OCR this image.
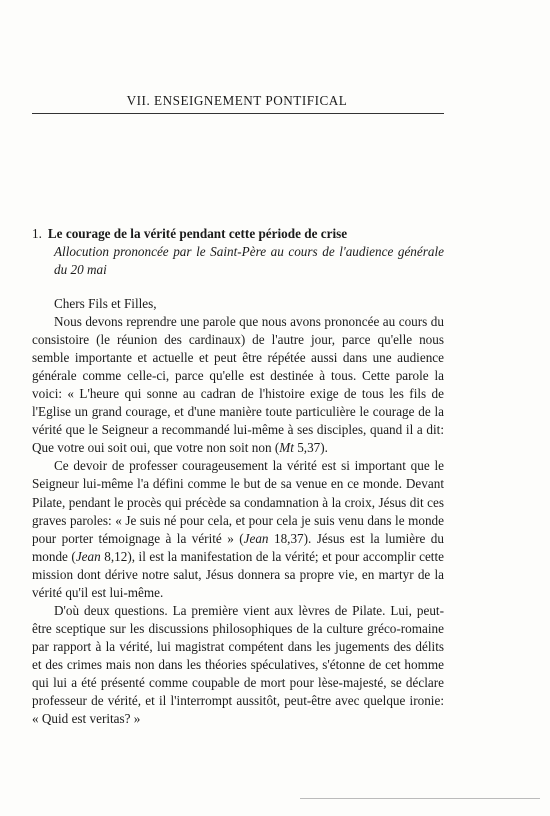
VII. ENSEIGNEMENT PONTIFICAL
1. Le courage de la vérité pendant cette période de crise
Allocution prononcée par le Saint-Père au cours de l'audience générale du 20 mai

Chers Fils et Filles,

Nous devons reprendre une parole que nous avons prononcée au cours du consistoire (le réunion des cardinaux) de l'autre jour, parce qu'elle nous semble importante et actuelle et peut être répétée aussi dans une audience générale comme celle-ci, parce qu'elle est destinée à tous. Cette parole la voici: « L'heure qui sonne au cadran de l'histoire exige de tous les fils de l'Eglise un grand courage, et d'une manière toute particulière le courage de la vérité que le Seigneur a recommandé lui-même à ses disciples, quand il a dit: Que votre oui soit oui, que votre non soit non (Mt 5,37).

Ce devoir de professer courageusement la vérité est si important que le Seigneur lui-même l'a défini comme le but de sa venue en ce monde. Devant Pilate, pendant le procès qui précède sa condamnation à la croix, Jésus dit ces graves paroles: « Je suis né pour cela, et pour cela je suis venu dans le monde pour porter témoignage à la vérité » (Jean 18,37). Jésus est la lumière du monde (Jean 8,12), il est la manifestation de la vérité; et pour accomplir cette mission dont dérive notre salut, Jésus donnera sa propre vie, en martyr de la vérité qu'il est lui-même.

D'où deux questions. La première vient aux lèvres de Pilate. Lui, peut-être sceptique sur les discussions philosophiques de la culture gréco-romaine par rapport à la vérité, lui magistrat compétent dans les jugements des délits et des crimes mais non dans les théories spéculatives, s'étonne de cet homme qui lui a été présenté comme coupable de mort pour lèse-majesté, se déclare professeur de vérité, et il l'interrompt aussitôt, peut-être avec quelque ironie: « Quid est veritas? »
